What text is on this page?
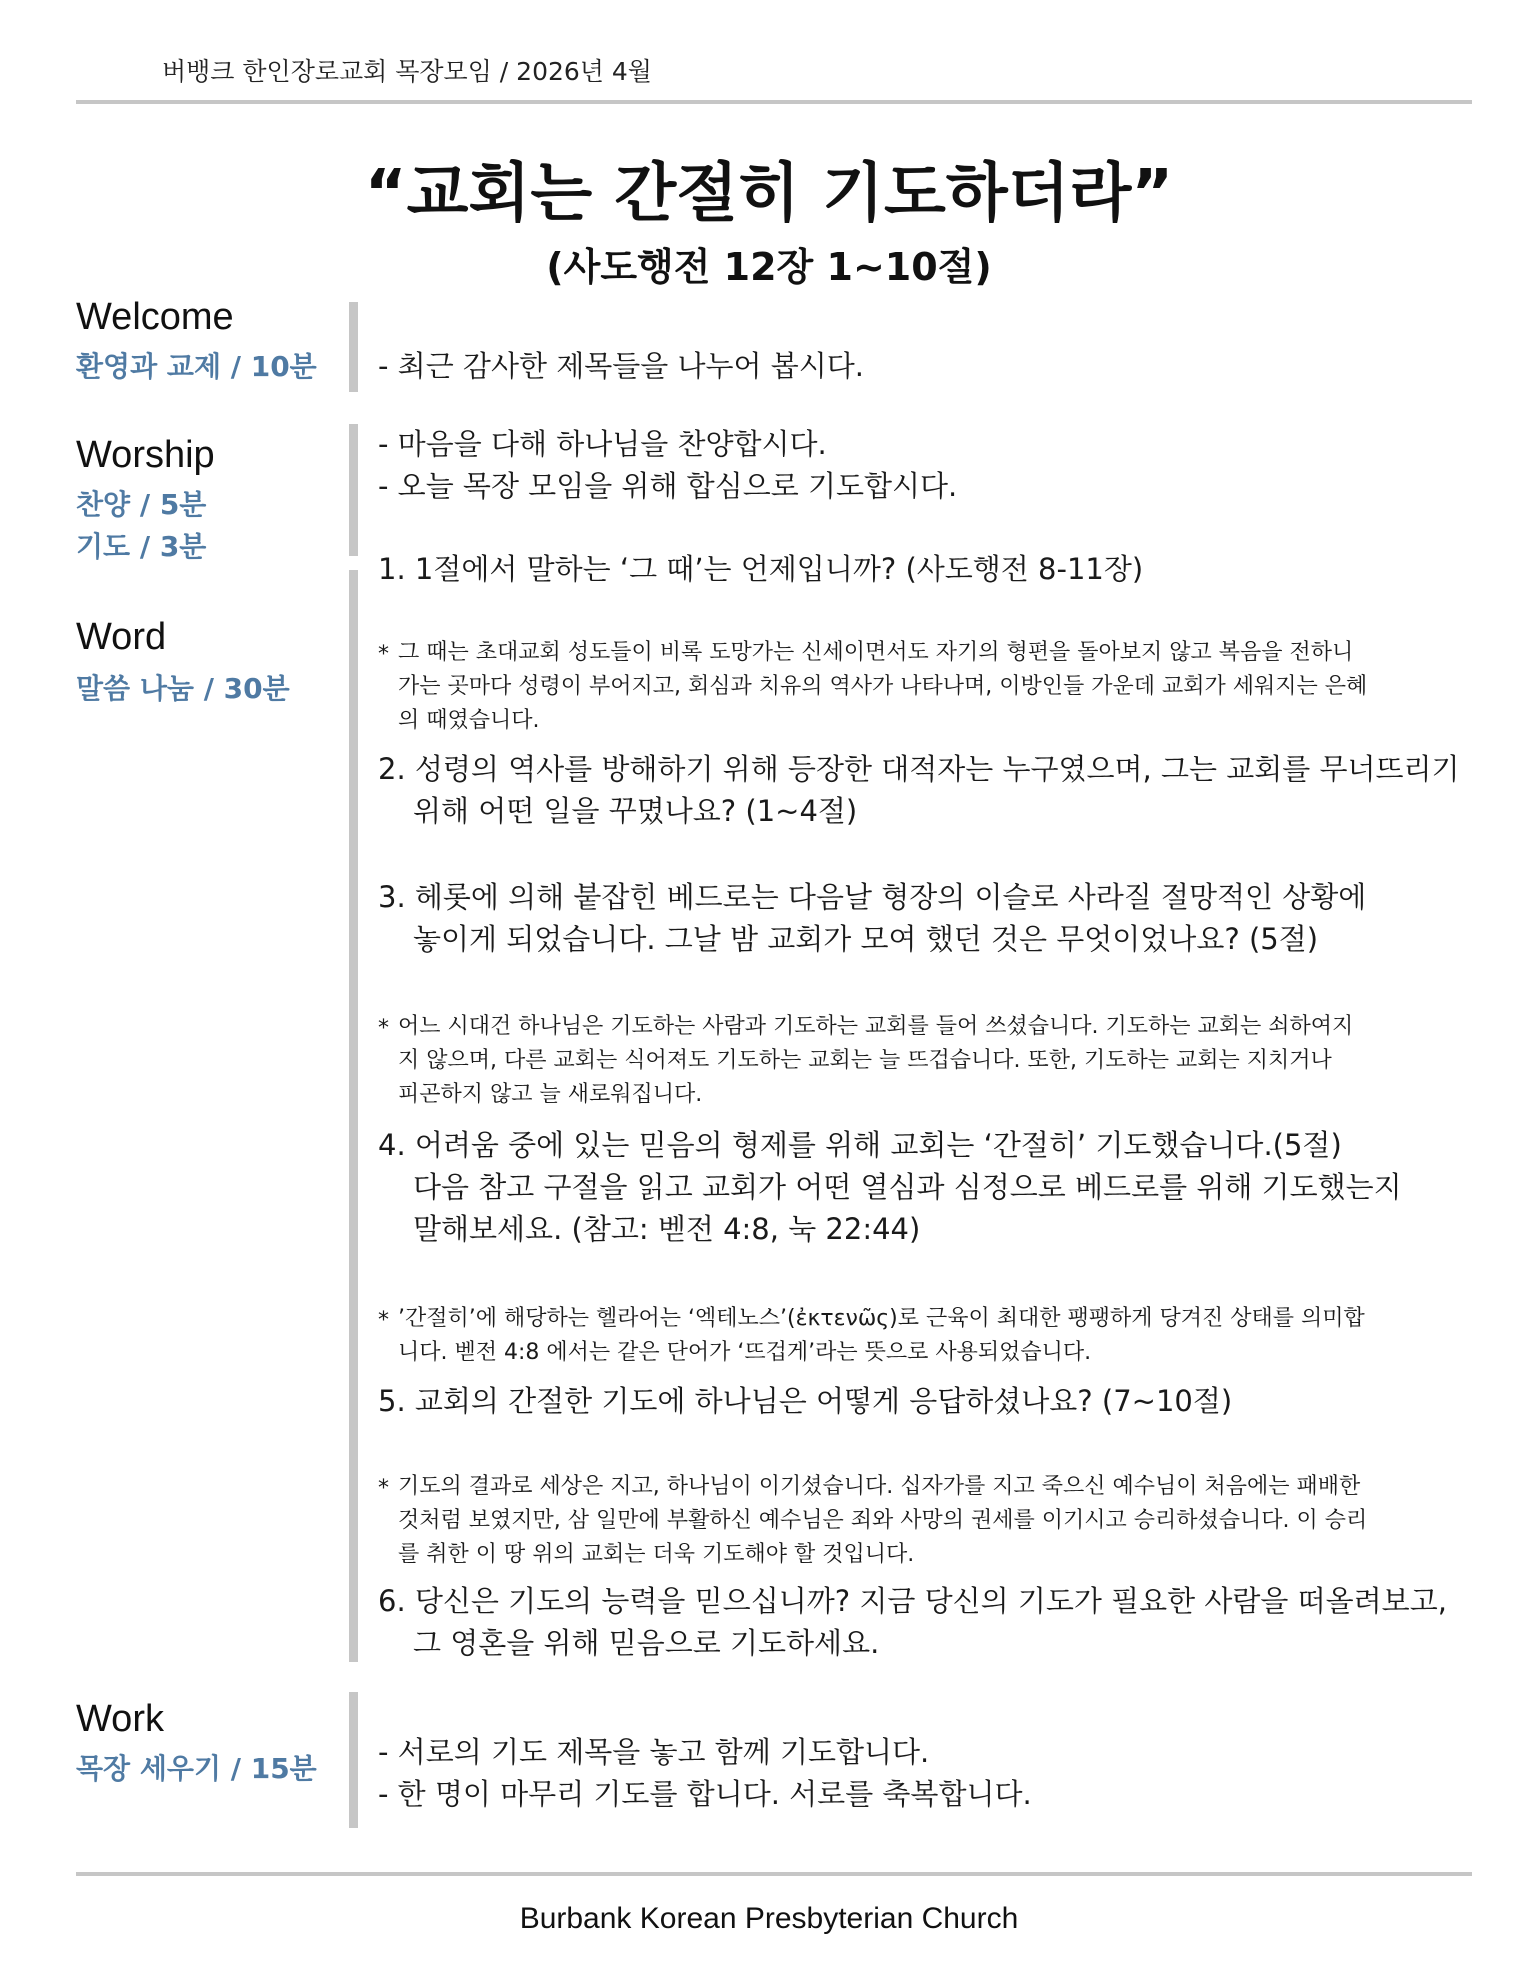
버뱅크 한인장로교회 목장모임 / 2026년 4월
“교회는 간절히 기도하더라”
(사도행전 12장 1~10절)
Welcome
환영과 교제 / 10분
Worship
찬양 / 5분
기도 / 3분
Word
말씀 나눔 / 30분
Work
목장 세우기 / 15분
- 최근 감사한 제목들을 나누어 봅시다.
- 마음을 다해 하나님을 찬양합시다.
- 오늘 목장 모임을 위해 합심으로 기도합시다.
1. 1절에서 말하는 ‘그 때’는 언제입니까? (사도행전 8-11장)
* 그 때는 초대교회 성도들이 비록 도망가는 신세이면서도 자기의 형편을 돌아보지 않고 복음을 전하니
가는 곳마다 성령이 부어지고, 회심과 치유의 역사가 나타나며, 이방인들 가운데 교회가 세워지는 은혜
의 때였습니다.
2. 성령의 역사를 방해하기 위해 등장한 대적자는 누구였으며, 그는 교회를 무너뜨리기
위해 어떤 일을 꾸몄나요? (1~4절)
3. 헤롯에 의해 붙잡힌 베드로는 다음날 형장의 이슬로 사라질 절망적인 상황에
놓이게 되었습니다. 그날 밤 교회가 모여 했던 것은 무엇이었나요? (5절)
* 어느 시대건 하나님은 기도하는 사람과 기도하는 교회를 들어 쓰셨습니다. 기도하는 교회는 쇠하여지
지 않으며, 다른 교회는 식어져도 기도하는 교회는 늘 뜨겁습니다. 또한, 기도하는 교회는 지치거나
피곤하지 않고 늘 새로워집니다.
4. 어려움 중에 있는 믿음의 형제를 위해 교회는 ‘간절히’ 기도했습니다.(5절)
다음 참고 구절을 읽고 교회가 어떤 열심과 심정으로 베드로를 위해 기도했는지
말해보세요. (참고: 벧전 4:8, 눅 22:44)
* ’간절히’에 해당하는 헬라어는 ‘엑테노스’(ἐκτενῶς)로 근육이 최대한 팽팽하게 당겨진 상태를 의미합
니다. 벧전 4:8 에서는 같은 단어가 ‘뜨겁게’라는 뜻으로 사용되었습니다.
5. 교회의 간절한 기도에 하나님은 어떻게 응답하셨나요? (7~10절)
* 기도의 결과로 세상은 지고, 하나님이 이기셨습니다. 십자가를 지고 죽으신 예수님이 처음에는 패배한
것처럼 보였지만, 삼 일만에 부활하신 예수님은 죄와 사망의 권세를 이기시고 승리하셨습니다. 이 승리
를 취한 이 땅 위의 교회는 더욱 기도해야 할 것입니다.
6. 당신은 기도의 능력을 믿으십니까? 지금 당신의 기도가 필요한 사람을 떠올려보고,
그 영혼을 위해 믿음으로 기도하세요.
- 서로의 기도 제목을 놓고 함께 기도합니다.
- 한 명이 마무리 기도를 합니다. 서로를 축복합니다.
Burbank Korean Presbyterian Church
